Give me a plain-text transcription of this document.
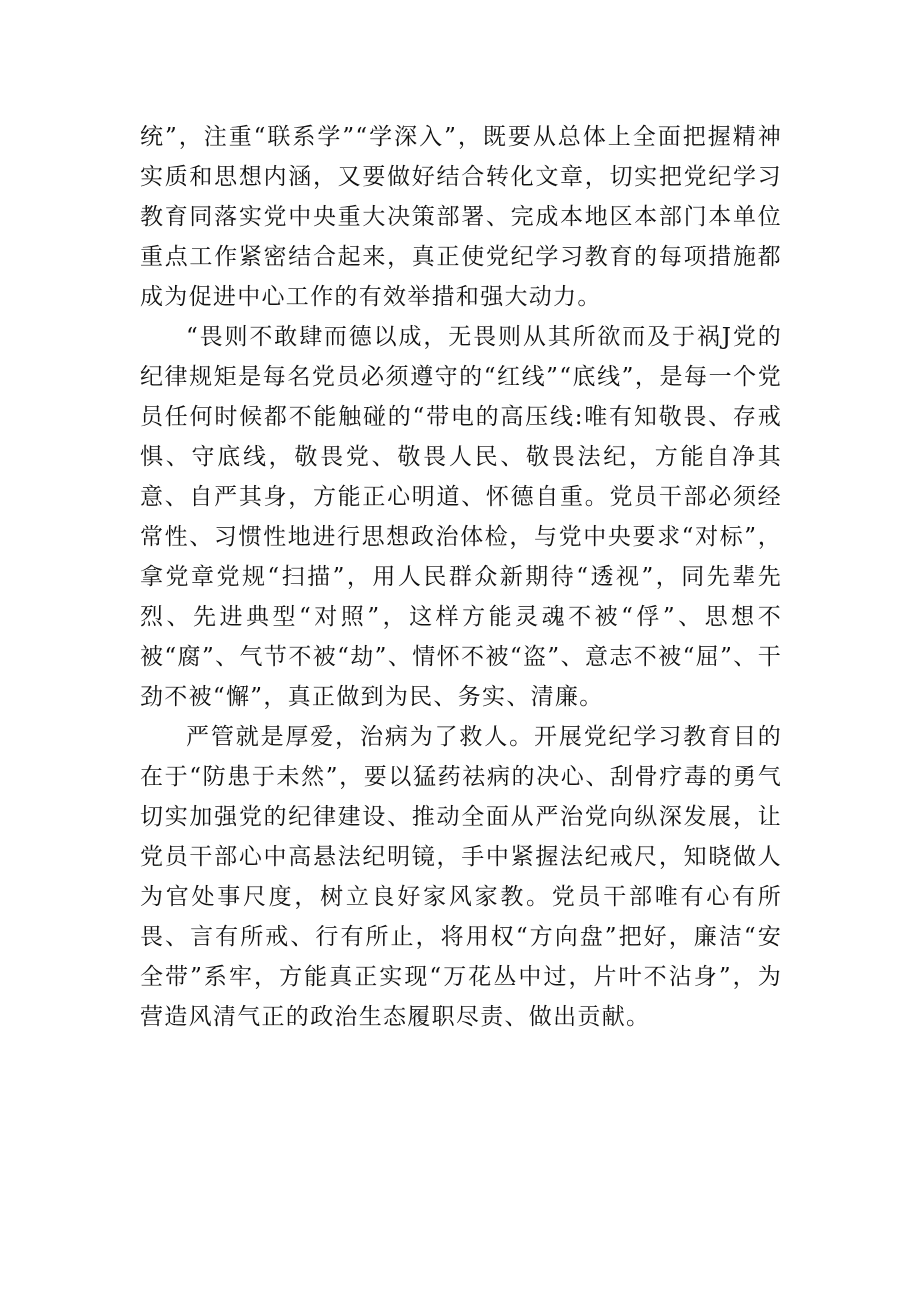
统”，注重“联系学”“学深入”，既要从总体上全面把握精神实质和思想内涵，又要做好结合转化文章，切实把党纪学习教育同落实党中央重大决策部署、完成本地区本部门本单位重点工作紧密结合起来，真正使党纪学习教育的每项措施都成为促进中心工作的有效举措和强大动力。

“畏则不敢肆而德以成，无畏则从其所欲而及于祸J党的纪律规矩是每名党员必须遵守的“红线”“底线”，是每一个党员任何时候都不能触碰的“带电的高压线:唯有知敬畏、存戒惧、守底线，敬畏党、敬畏人民、敬畏法纪，方能自净其意、自严其身，方能正心明道、怀德自重。党员干部必须经常性、习惯性地进行思想政治体检，与党中央要求“对标”，拿党章党规“扫描”，用人民群众新期待“透视”，同先辈先烈、先进典型“对照”，这样方能灵魂不被“俘”、思想不被“腐”、气节不被“劫”、情怀不被“盗”、意志不被“屈”、干劲不被“懈”，真正做到为民、务实、清廉。

严管就是厚爱，治病为了救人。开展党纪学习教育目的在于“防患于未然”，要以猛药祛病的决心、刮骨疗毒的勇气切实加强党的纪律建设、推动全面从严治党向纵深发展，让党员干部心中高悬法纪明镜，手中紧握法纪戒尺，知晓做人为官处事尺度，树立良好家风家教。党员干部唯有心有所畏、言有所戒、行有所止，将用权“方向盘”把好，廉洁“安全带”系牢，方能真正实现“万花丛中过，片叶不沾身”，为营造风清气正的政治生态履职尽责、做出贡献。
